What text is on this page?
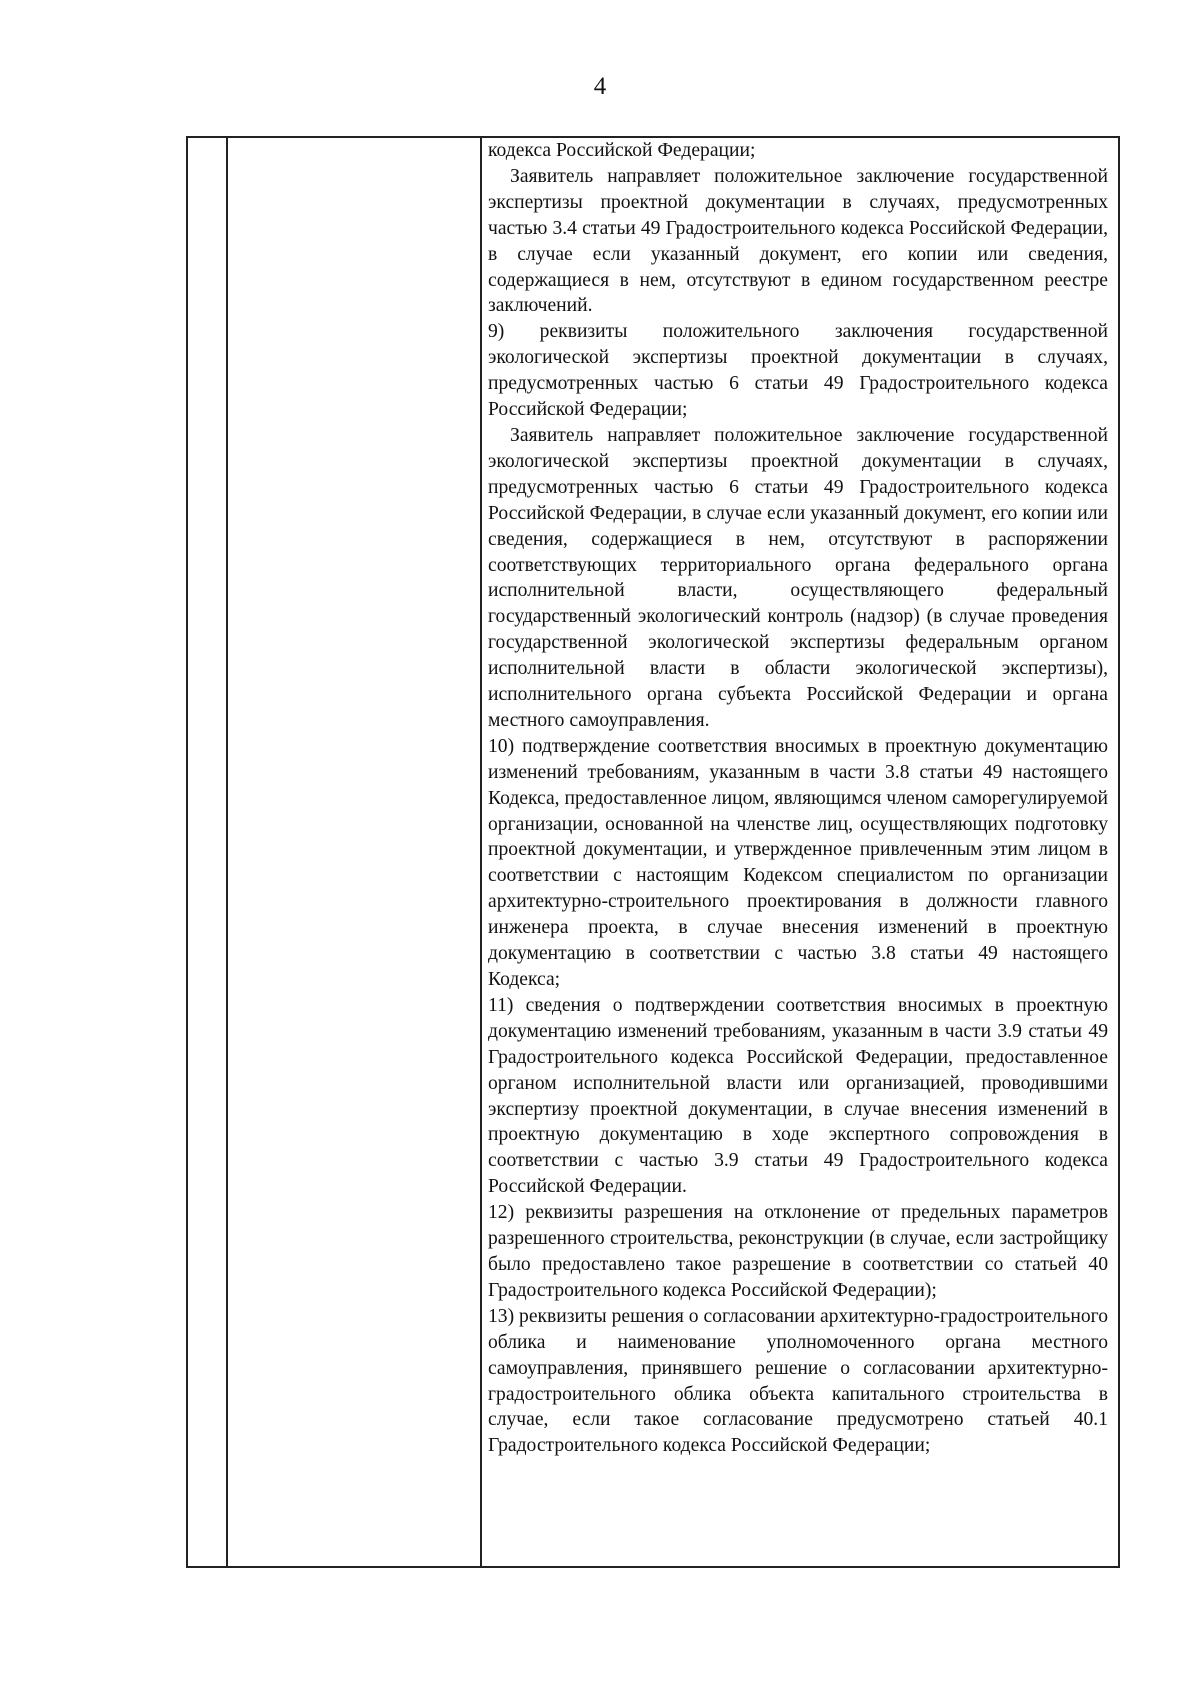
4

кодекса Российской Федерации;

Заявитель направляет положительное заключение государственной экспертизы проектной документации в случаях, предусмотренных частью 3.4 статьи 49 Градостроительного кодекса Российской Федерации, в случае если указанный документ, его копии или сведения, содержащиеся в нем, отсутствуют в едином государственном реестре заключений.

9) реквизиты положительного заключения государственной экологической экспертизы проектной документации в случаях, предусмотренных частью 6 статьи 49 Градостроительного кодекса Российской Федерации;

Заявитель направляет положительное заключение государственной экологической экспертизы проектной документации в случаях, предусмотренных частью 6 статьи 49 Градостроительного кодекса Российской Федерации, в случае если указанный документ, его копии или сведения, содержащиеся в нем, отсутствуют в распоряжении соответствующих территориального органа федерального органа исполнительной власти, осуществляющего федеральный государственный экологический контроль (надзор) (в случае проведения государственной экологической экспертизы федеральным органом исполнительной власти в области экологической экспертизы), исполнительного органа субъекта Российской Федерации и органа местного самоуправления.

10) подтверждение соответствия вносимых в проектную документацию изменений требованиям, указанным в части 3.8 статьи 49 настоящего Кодекса, предоставленное лицом, являющимся членом саморегулируемой организации, основанной на членстве лиц, осуществляющих подготовку проектной документации, и утвержденное привлеченным этим лицом в соответствии с настоящим Кодексом специалистом по организации архитектурно-строительного проектирования в должности главного инженера проекта, в случае внесения изменений в проектную документацию в соответствии с частью 3.8 статьи 49 настоящего Кодекса;

11) сведения о подтверждении соответствия вносимых в проектную документацию изменений требованиям, указанным в части 3.9 статьи 49 Градостроительного кодекса Российской Федерации, предоставленное органом исполнительной власти или организацией, проводившими экспертизу проектной документации, в случае внесения изменений в проектную документацию в ходе экспертного сопровождения в соответствии с частью 3.9 статьи 49 Градостроительного кодекса Российской Федерации.

12) реквизиты разрешения на отклонение от предельных параметров разрешенного строительства, реконструкции (в случае, если застройщику было предоставлено такое разрешение в соответствии со статьей 40 Градостроительного кодекса Российской Федерации);

13) реквизиты решения о согласовании архитектурно-градостроительного облика и наименование уполномоченного органа местного самоуправления, принявшего решение о согласовании архитектурно-градостроительного облика объекта капитального строительства в случае, если такое согласование предусмотрено статьей 40.1 Градостроительного кодекса Российской Федерации;
